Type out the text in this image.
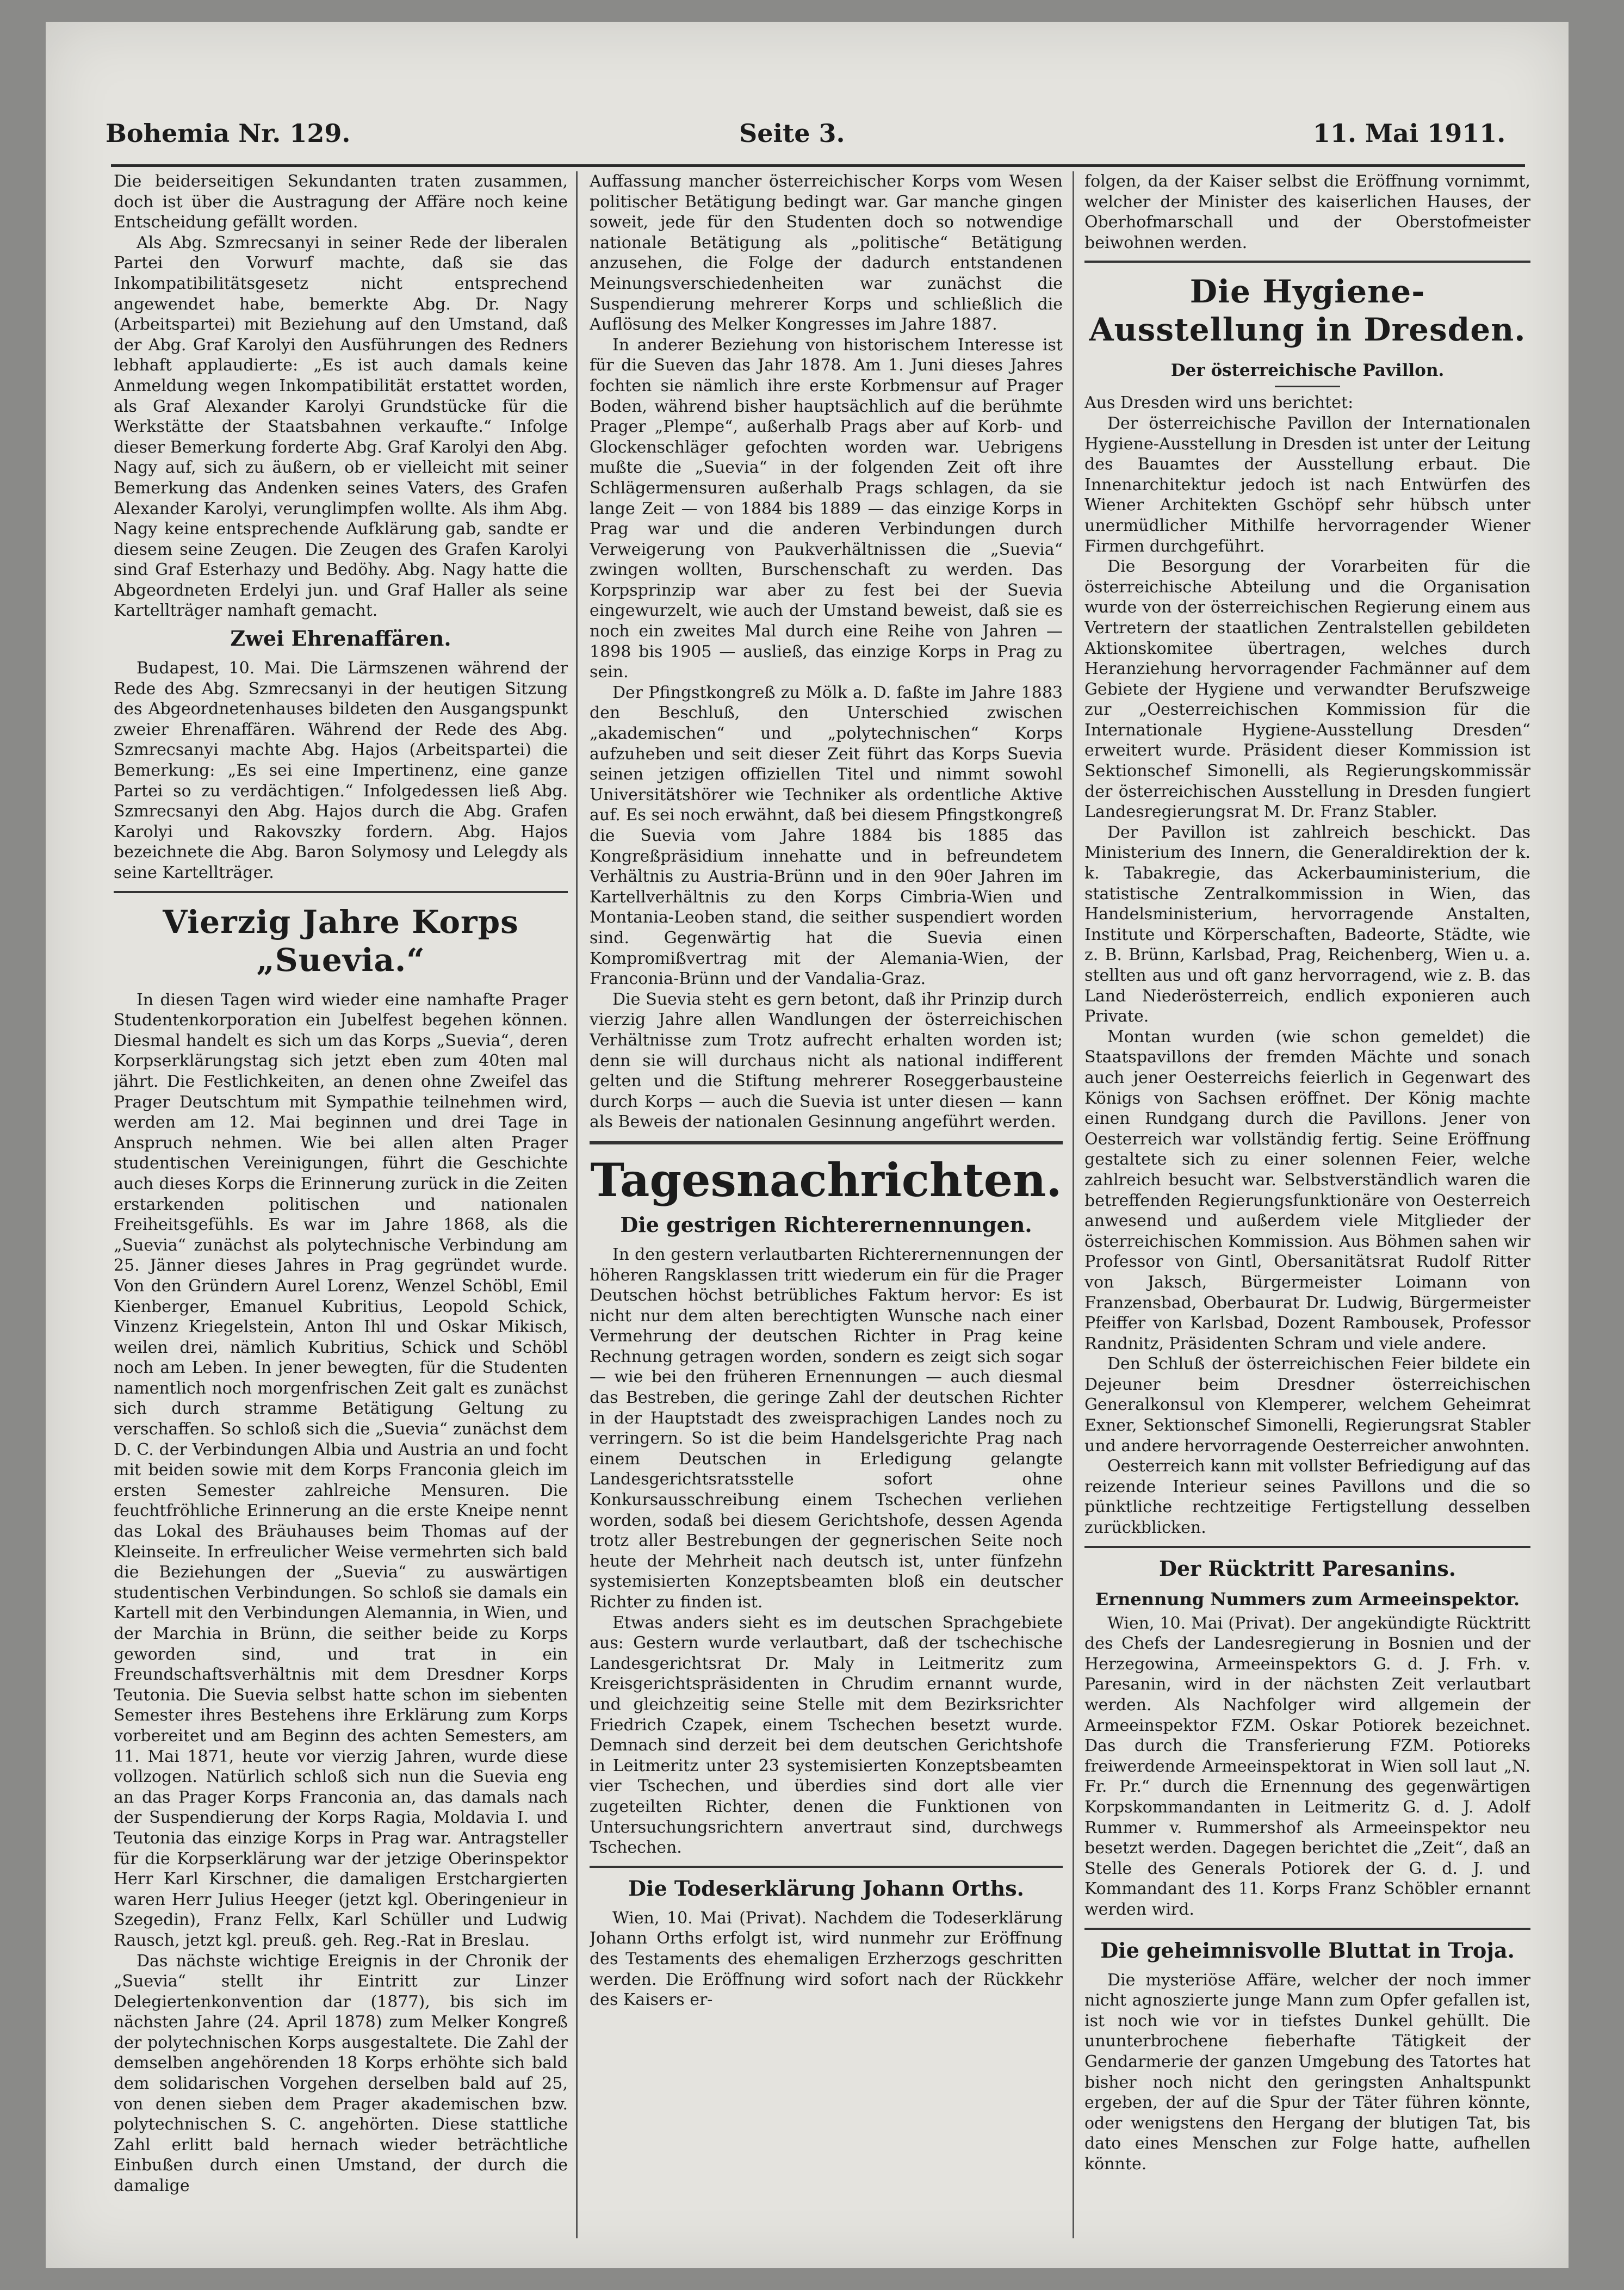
Bohemia Nr. 129.	Seite 3.	11. Mai 1911.

Die beiderseitigen Sekundanten traten zusammen, doch ist über die Austragung der Affäre noch keine Entscheidung gefällt worden.

Als Abg. Szmrecsanyi in seiner Rede der liberalen Partei den Vorwurf machte, daß sie das Inkompatibilitätsgesetz nicht entsprechend angewendet habe, bemerkte Abg. Dr. Nagy (Arbeitspartei) mit Beziehung auf den Umstand, daß der Abg. Graf Karolyi den Ausführungen des Redners lebhaft applaudierte: „Es ist auch damals keine Anmeldung wegen Inkompatibilität erstattet worden, als Graf Alexander Karolyi Grundstücke für die Werkstätte der Staatsbahnen verkaufte.“ Infolge dieser Bemerkung forderte Abg. Graf Karolyi den Abg. Nagy auf, sich zu äußern, ob er vielleicht mit seiner Bemerkung das Andenken seines Vaters, des Grafen Alexander Karolyi, verunglimpfen wollte. Als ihm Abg. Nagy keine entsprechende Aufklärung gab, sandte er diesem seine Zeugen. Die Zeugen des Grafen Karolyi sind Graf Esterhazy und Bedöhy. Abg. Nagy hatte die Abgeordneten Erdelyi jun. und Graf Haller als seine Kartellträger namhaft gemacht.

Zwei Ehrenaffären.

Budapest, 10. Mai. Die Lärmszenen während der Rede des Abg. Szmrecsanyi in der heutigen Sitzung des Abgeordnetenhauses bildeten den Ausgangspunkt zweier Ehrenaffären. Während der Rede des Abg. Szmrecsanyi machte Abg. Hajos (Arbeitspartei) die Bemerkung: „Es sei eine Impertinenz, eine ganze Partei so zu verdächtigen.“ Infolgedessen ließ Abg. Szmrecsanyi den Abg. Hajos durch die Abg. Grafen Karolyi und Rakovszky fordern. Abg. Hajos bezeichnete die Abg. Baron Solymosy und Lelegdy als seine Kartellträger.

Vierzig Jahre Korps „Suevia.“

In diesen Tagen wird wieder eine namhafte Prager Studentenkorporation ein Jubelfest begehen können. Diesmal handelt es sich um das Korps „Suevia“, deren Korpserklärungstag sich jetzt eben zum 40ten mal jährt. Die Festlichkeiten, an denen ohne Zweifel das Prager Deutschtum mit Sympathie teilnehmen wird, werden am 12. Mai beginnen und drei Tage in Anspruch nehmen. Wie bei allen alten Prager studentischen Vereinigungen, führt die Geschichte auch dieses Korps die Erinnerung zurück in die Zeiten erstarkenden politischen und nationalen Freiheitsgefühls. Es war im Jahre 1868, als die „Suevia“ zunächst als polytechnische Verbindung am 25. Jänner dieses Jahres in Prag gegründet wurde. Von den Gründern Aurel Lorenz, Wenzel Schöbl, Emil Kienberger, Emanuel Kubritius, Leopold Schick, Vinzenz Kriegelstein, Anton Ihl und Oskar Mikisch, weilen drei, nämlich Kubritius, Schick und Schöbl noch am Leben. In jener bewegten, für die Studenten namentlich noch morgenfrischen Zeit galt es zunächst sich durch stramme Betätigung Geltung zu verschaffen. So schloß sich die „Suevia“ zunächst dem D. C. der Verbindungen Albia und Austria an und focht mit beiden sowie mit dem Korps Franconia gleich im ersten Semester zahlreiche Mensuren. Die feuchtfröhliche Erinnerung an die erste Kneipe nennt das Lokal des Bräuhauses beim Thomas auf der Kleinseite. In erfreulicher Weise vermehrten sich bald die Beziehungen der „Suevia“ zu auswärtigen studentischen Verbindungen. So schloß sie damals ein Kartell mit den Verbindungen Alemannia, in Wien, und der Marchia in Brünn, die seither beide zu Korps geworden sind, und trat in ein Freundschaftsverhältnis mit dem Dresdner Korps Teutonia. Die Suevia selbst hatte schon im siebenten Semester ihres Bestehens ihre Erklärung zum Korps vorbereitet und am Beginn des achten Semesters, am 11. Mai 1871, heute vor vierzig Jahren, wurde diese vollzogen. Natürlich schloß sich nun die Suevia eng an das Prager Korps Franconia an, das damals nach der Suspendierung der Korps Ragia, Moldavia I. und Teutonia das einzige Korps in Prag war. Antragsteller für die Korpserklärung war der jetzige Oberinspektor Herr Karl Kirschner, die damaligen Erstchargierten waren Herr Julius Heeger (jetzt kgl. Oberingenieur in Szegedin), Franz Fellx, Karl Schüller und Ludwig Rausch, jetzt kgl. preuß. geh. Reg.-Rat in Breslau.

Das nächste wichtige Ereignis in der Chronik der „Suevia“ stellt ihr Eintritt zur Linzer Delegiertenkonvention dar (1877), bis sich im nächsten Jahre (24. April 1878) zum Melker Kongreß der polytechnischen Korps ausgestaltete. Die Zahl der demselben angehörenden 18 Korps erhöhte sich bald dem solidarischen Vorgehen derselben bald auf 25, von denen sieben dem Prager akademischen bzw. polytechnischen S. C. angehörten. Diese stattliche Zahl erlitt bald hernach wieder beträchtliche Einbußen durch einen Umstand, der durch die damalige

Auffassung mancher österreichischer Korps vom Wesen politischer Betätigung bedingt war. Gar manche gingen soweit, jede für den Studenten doch so notwendige nationale Betätigung als „politische“ Betätigung anzusehen, die Folge der dadurch entstandenen Meinungsverschiedenheiten war zunächst die Suspendierung mehrerer Korps und schließlich die Auflösung des Melker Kongresses im Jahre 1887.

In anderer Beziehung von historischem Interesse ist für die Sueven das Jahr 1878. Am 1. Juni dieses Jahres fochten sie nämlich ihre erste Korbmensur auf Prager Boden, während bisher hauptsächlich auf die berühmte Prager „Plempe“, außerhalb Prags aber auf Korb- und Glockenschläger gefochten worden war. Uebrigens mußte die „Suevia“ in der folgenden Zeit oft ihre Schlägermensuren außerhalb Prags schlagen, da sie lange Zeit — von 1884 bis 1889 — das einzige Korps in Prag war und die anderen Verbindungen durch Verweigerung von Paukverhältnissen die „Suevia“ zwingen wollten, Burschenschaft zu werden. Das Korpsprinzip war aber zu fest bei der Suevia eingewurzelt, wie auch der Umstand beweist, daß sie es noch ein zweites Mal durch eine Reihe von Jahren — 1898 bis 1905 — ausließ, das einzige Korps in Prag zu sein.

Der Pfingstkongreß zu Mölk a. D. faßte im Jahre 1883 den Beschluß, den Unterschied zwischen „akademischen“ und „polytechnischen“ Korps aufzuheben und seit dieser Zeit führt das Korps Suevia seinen jetzigen offiziellen Titel und nimmt sowohl Universitätshörer wie Techniker als ordentliche Aktive auf. Es sei noch erwähnt, daß bei diesem Pfingstkongreß die Suevia vom Jahre 1884 bis 1885 das Kongreßpräsidium innehatte und in befreundetem Verhältnis zu Austria-Brünn und in den 90er Jahren im Kartellverhältnis zu den Korps Cimbria-Wien und Montania-Leoben stand, die seither suspendiert worden sind. Gegenwärtig hat die Suevia einen Kompromißvertrag mit der Alemania-Wien, der Franconia-Brünn und der Vandalia-Graz.

Die Suevia steht es gern betont, daß ihr Prinzip durch vierzig Jahre allen Wandlungen der österreichischen Verhältnisse zum Trotz aufrecht erhalten worden ist; denn sie will durchaus nicht als national indifferent gelten und die Stiftung mehrerer Roseggerbausteine durch Korps — auch die Suevia ist unter diesen — kann als Beweis der nationalen Gesinnung angeführt werden.

Tagesnachrichten.
Die gestrigen Richterernennungen.

In den gestern verlautbarten Richterernennungen der höheren Rangsklassen tritt wiederum ein für die Prager Deutschen höchst betrübliches Faktum hervor: Es ist nicht nur dem alten berechtigten Wunsche nach einer Vermehrung der deutschen Richter in Prag keine Rechnung getragen worden, sondern es zeigt sich sogar — wie bei den früheren Ernennungen — auch diesmal das Bestreben, die geringe Zahl der deutschen Richter in der Hauptstadt des zweisprachigen Landes noch zu verringern. So ist die beim Handelsgerichte Prag nach einem Deutschen in Erledigung gelangte Landesgerichtsratsstelle sofort ohne Konkursausschreibung einem Tschechen verliehen worden, sodaß bei diesem Gerichtshofe, dessen Agenda trotz aller Bestrebungen der gegnerischen Seite noch heute der Mehrheit nach deutsch ist, unter fünfzehn systemisierten Konzeptsbeamten bloß ein deutscher Richter zu finden ist.

Etwas anders sieht es im deutschen Sprachgebiete aus: Gestern wurde verlautbart, daß der tschechische Landesgerichtsrat Dr. Maly in Leitmeritz zum Kreisgerichtspräsidenten in Chrudim ernannt wurde, und gleichzeitig seine Stelle mit dem Bezirksrichter Friedrich Czapek, einem Tschechen besetzt wurde. Demnach sind derzeit bei dem deutschen Gerichtshofe in Leitmeritz unter 23 systemisierten Konzeptsbeamten vier Tschechen, und überdies sind dort alle vier zugeteilten Richter, denen die Funktionen von Untersuchungsrichtern anvertraut sind, durchwegs Tschechen.

Die Todeserklärung Johann Orths.

Wien, 10. Mai (Privat). Nachdem die Todeserklärung Johann Orths erfolgt ist, wird nunmehr zur Eröffnung des Testaments des ehemaligen Erzherzogs geschritten werden. Die Eröffnung wird sofort nach der Rückkehr des Kaisers er-

folgen, da der Kaiser selbst die Eröffnung vornimmt, welcher der Minister des kaiserlichen Hauses, der Oberhofmarschall und der Oberstofmeister beiwohnen werden.

Die Hygiene-Ausstellung in Dresden.
Der österreichische Pavillon.

Aus Dresden wird uns berichtet:

Der österreichische Pavillon der Internationalen Hygiene-Ausstellung in Dresden ist unter der Leitung des Bauamtes der Ausstellung erbaut. Die Innenarchitektur jedoch ist nach Entwürfen des Wiener Architekten Gschöpf sehr hübsch unter unermüdlicher Mithilfe hervorragender Wiener Firmen durchgeführt.

Die Besorgung der Vorarbeiten für die österreichische Abteilung und die Organisation wurde von der österreichischen Regierung einem aus Vertretern der staatlichen Zentralstellen gebildeten Aktionskomitee übertragen, welches durch Heranziehung hervorragender Fachmänner auf dem Gebiete der Hygiene und verwandter Berufszweige zur „Oesterreichischen Kommission für die Internationale Hygiene-Ausstellung Dresden“ erweitert wurde. Präsident dieser Kommission ist Sektionschef Simonelli, als Regierungskommissär der österreichischen Ausstellung in Dresden fungiert Landesregierungsrat M. Dr. Franz Stabler.

Der Pavillon ist zahlreich beschickt. Das Ministerium des Innern, die Generaldirektion der k. k. Tabakregie, das Ackerbauministerium, die statistische Zentralkommission in Wien, das Handelsministerium, hervorragende Anstalten, Institute und Körperschaften, Badeorte, Städte, wie z. B. Brünn, Karlsbad, Prag, Reichenberg, Wien u. a. stellten aus und oft ganz hervorragend, wie z. B. das Land Niederösterreich, endlich exponieren auch Private.

Montan wurden (wie schon gemeldet) die Staatspavillons der fremden Mächte und sonach auch jener Oesterreichs feierlich in Gegenwart des Königs von Sachsen eröffnet. Der König machte einen Rundgang durch die Pavillons. Jener von Oesterreich war vollständig fertig. Seine Eröffnung gestaltete sich zu einer solennen Feier, welche zahlreich besucht war. Selbstverständlich waren die betreffenden Regierungsfunktionäre von Oesterreich anwesend und außerdem viele Mitglieder der österreichischen Kommission. Aus Böhmen sahen wir Professor von Gintl, Obersanitätsrat Rudolf Ritter von Jaksch, Bürgermeister Loimann von Franzensbad, Oberbaurat Dr. Ludwig, Bürgermeister Pfeiffer von Karlsbad, Dozent Rambousek, Professor Randnitz, Präsidenten Schram und viele andere.

Den Schluß der österreichischen Feier bildete ein Dejeuner beim Dresdner österreichischen Generalkonsul von Klemperer, welchem Geheimrat Exner, Sektionschef Simonelli, Regierungsrat Stabler und andere hervorragende Oesterreicher anwohnten.

Oesterreich kann mit vollster Befriedigung auf das reizende Interieur seines Pavillons und die so pünktliche rechtzeitige Fertigstellung desselben zurückblicken.

Der Rücktritt Paresanins.
Ernennung Nummers zum Armeeinspektor.

Wien, 10. Mai (Privat). Der angekündigte Rücktritt des Chefs der Landesregierung in Bosnien und der Herzegowina, Armeeinspektors G. d. J. Frh. v. Paresanin, wird in der nächsten Zeit verlautbart werden. Als Nachfolger wird allgemein der Armeeinspektor FZM. Oskar Potiorek bezeichnet. Das durch die Transferierung FZM. Potioreks freiwerdende Armeeinspektorat in Wien soll laut „N. Fr. Pr.“ durch die Ernennung des gegenwärtigen Korpskommandanten in Leitmeritz G. d. J. Adolf Rummer v. Rummershof als Armeeinspektor neu besetzt werden. Dagegen berichtet die „Zeit“, daß an Stelle des Generals Potiorek der G. d. J. und Kommandant des 11. Korps Franz Schöbler ernannt werden wird.

Die geheimnisvolle Bluttat in Troja.

Die mysteriöse Affäre, welcher der noch immer nicht agnoszierte junge Mann zum Opfer gefallen ist, ist noch wie vor in tiefstes Dunkel gehüllt. Die ununterbrochene fieberhafte Tätigkeit der Gendarmerie der ganzen Umgebung des Tatortes hat bisher noch nicht den geringsten Anhaltspunkt ergeben, der auf die Spur der Täter führen könnte, oder wenigstens den Hergang der blutigen Tat, bis dato eines Menschen zur Folge hatte, aufhellen könnte.
